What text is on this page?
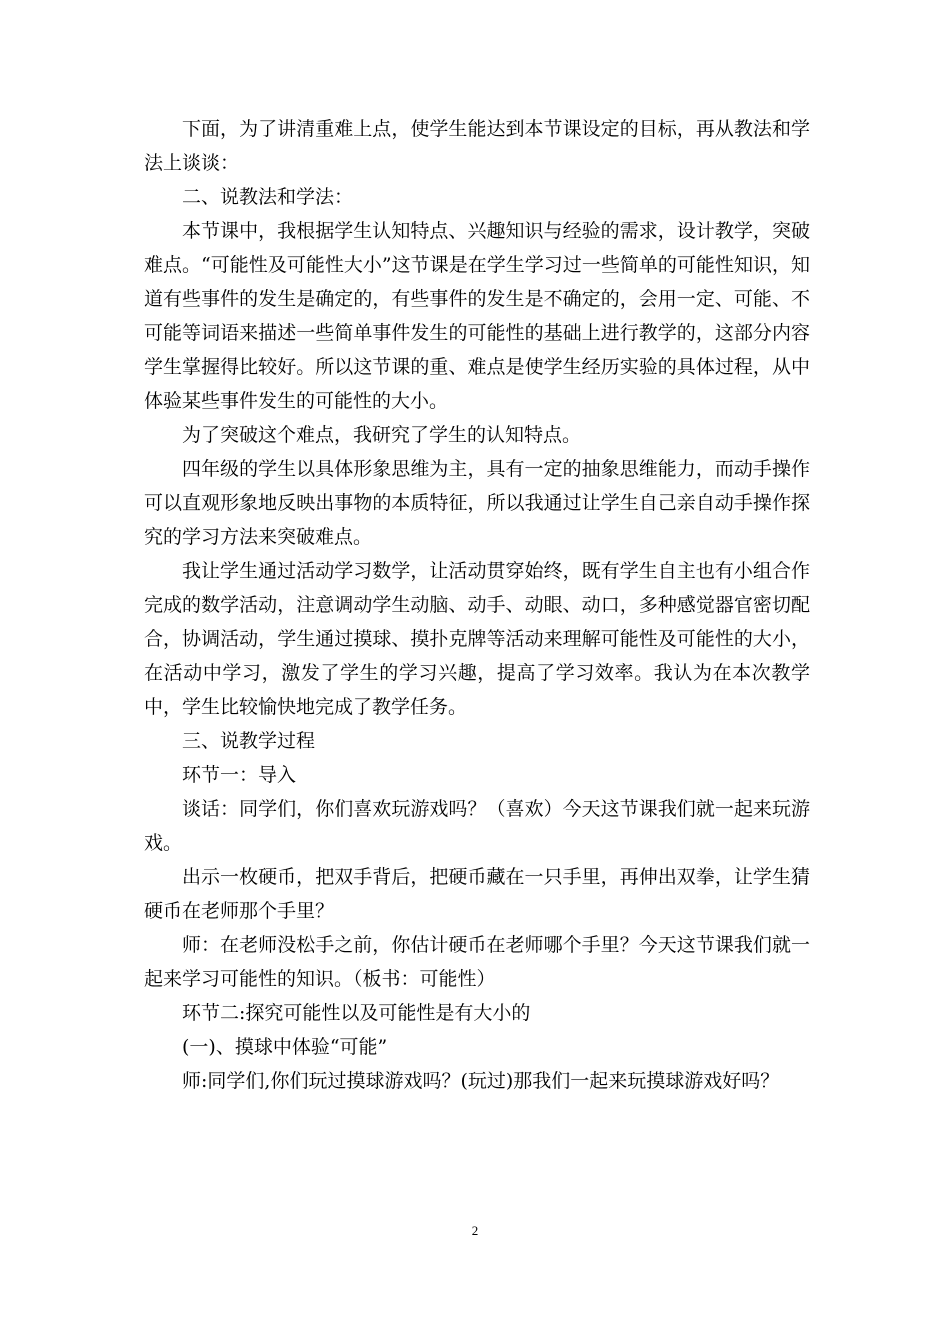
下面，为了讲清重难上点，使学生能达到本节课设定的目标，再从教法和学法上谈谈：

二、说教法和学法：

本节课中，我根据学生认知特点、兴趣知识与经验的需求，设计教学，突破难点。“可能性及可能性大小”这节课是在学生学习过一些简单的可能性知识，知道有些事件的发生是确定的，有些事件的发生是不确定的，会用一定、可能、不可能等词语来描述一些简单事件发生的可能性的基础上进行教学的，这部分内容学生掌握得比较好。所以这节课的重、难点是使学生经历实验的具体过程，从中体验某些事件发生的可能性的大小。

为了突破这个难点，我研究了学生的认知特点。

四年级的学生以具体形象思维为主，具有一定的抽象思维能力，而动手操作可以直观形象地反映出事物的本质特征，所以我通过让学生自己亲自动手操作探究的学习方法来突破难点。

我让学生通过活动学习数学，让活动贯穿始终，既有学生自主也有小组合作完成的数学活动，注意调动学生动脑、动手、动眼、动口，多种感觉器官密切配合，协调活动，学生通过摸球、摸扑克牌等活动来理解可能性及可能性的大小，在活动中学习，激发了学生的学习兴趣，提高了学习效率。我认为在本次教学中，学生比较愉快地完成了教学任务。

三、说教学过程

环节一：导入

谈话：同学们，你们喜欢玩游戏吗？（喜欢）今天这节课我们就一起来玩游戏。

出示一枚硬币，把双手背后，把硬币藏在一只手里，再伸出双拳，让学生猜硬币在老师那个手里？

师：在老师没松手之前，你估计硬币在老师哪个手里？今天这节课我们就一起来学习可能性的知识。（板书：可能性）

环节二:探究可能性以及可能性是有大小的

(一)、摸球中体验“可能”

师:同学们,你们玩过摸球游戏吗？(玩过)那我们一起来玩摸球游戏好吗？

2
